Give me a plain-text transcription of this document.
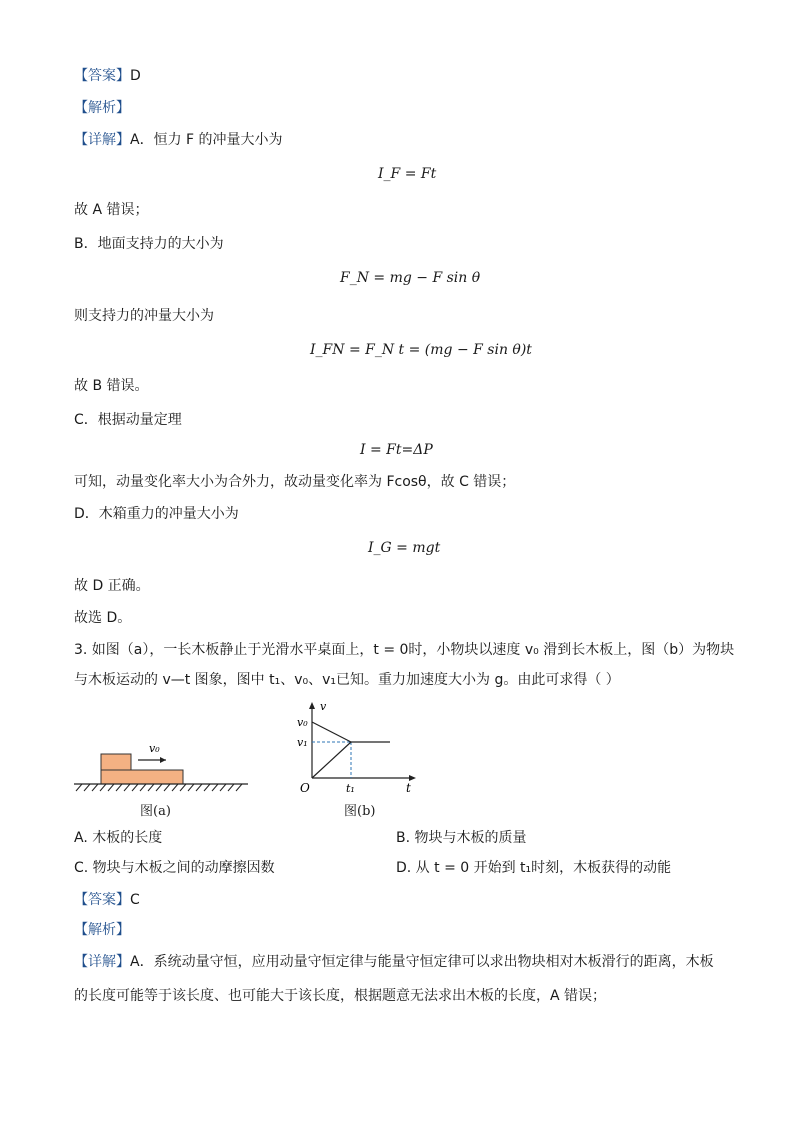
【答案】D
【解析】
【详解】A．恒力 F 的冲量大小为
I_F = Ft
故 A 错误；
B．地面支持力的大小为
F_N = mg − F sin θ
则支持力的冲量大小为
I_FN = F_N t = (mg − F sin θ)t
故 B 错误。
C．根据动量定理
I = Ft=ΔP
可知，动量变化率大小为合外力，故动量变化率为 Fcosθ，故 C 错误；
D．木箱重力的冲量大小为
I_G = mgt
故 D 正确。
故选 D。
3. 如图（a），一长木板静止于光滑水平桌面上，t = 0时，小物块以速度 v₀ 滑到长木板上，图（b）为物块
与木板运动的 v—t 图象，图中 t₁、v₀、v₁已知。重力加速度大小为 g。由此可求得（ ）
v₀
图(a)
v
v₀
v₁
O	t₁	t
图(b)
A. 木板的长度	B. 物块与木板的质量
C. 物块与木板之间的动摩擦因数	D. 从 t = 0 开始到 t₁时刻，木板获得的动能
【答案】C
【解析】
【详解】A．系统动量守恒，应用动量守恒定律与能量守恒定律可以求出物块相对木板滑行的距离，木板
的长度可能等于该长度、也可能大于该长度，根据题意无法求出木板的长度，A 错误；
